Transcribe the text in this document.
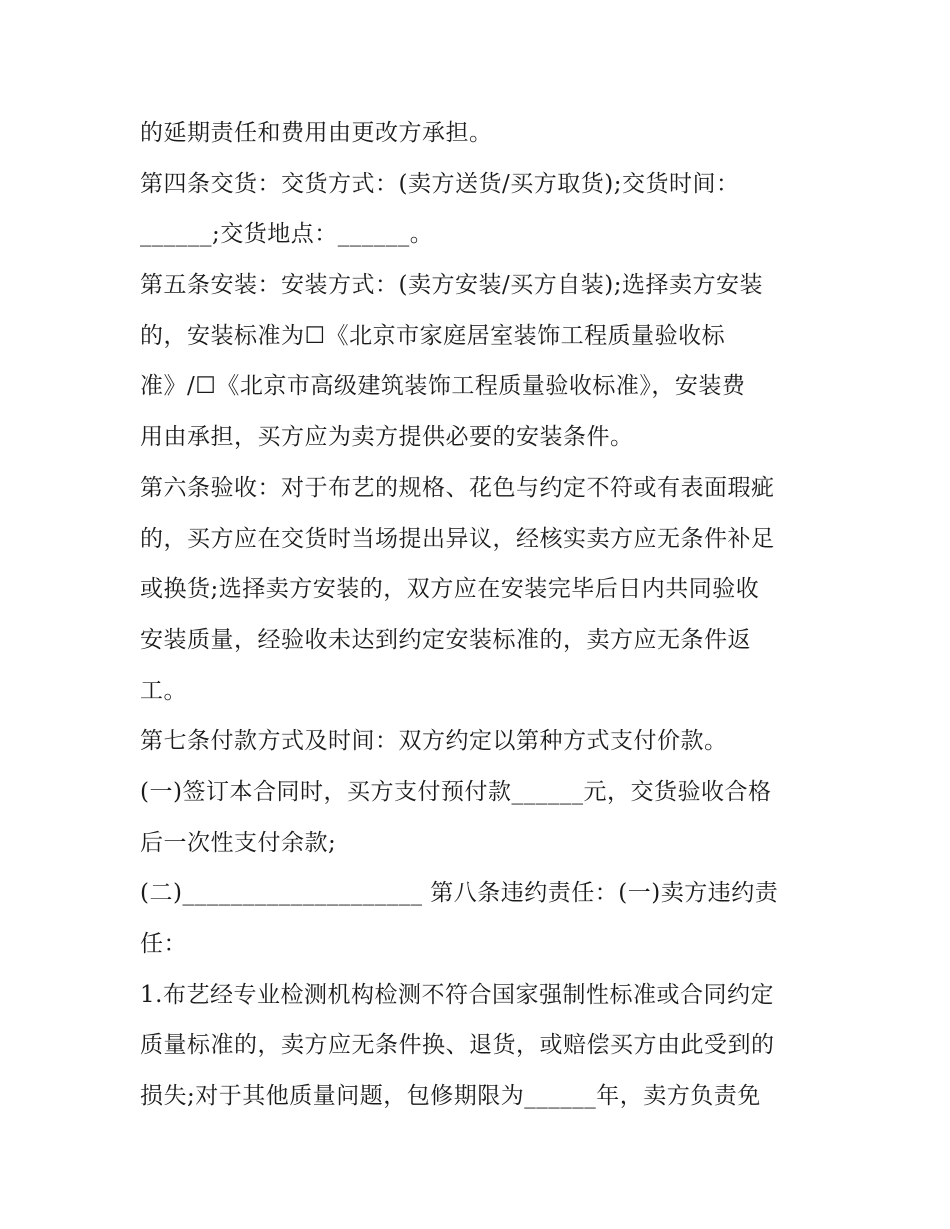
的延期责任和费用由更改方承担。

第四条交货：交货方式：(卖方送货/买方取货);交货时间：

______;交货地点：______。

第五条安装：安装方式：(卖方安装/买方自装);选择卖方安装

的，安装标准为☐《北京市家庭居室装饰工程质量验收标

准》/☐《北京市高级建筑装饰工程质量验收标准》，安装费

用由承担，买方应为卖方提供必要的安装条件。

第六条验收：对于布艺的规格、花色与约定不符或有表面瑕疵

的，买方应在交货时当场提出异议，经核实卖方应无条件补足

或换货;选择卖方安装的，双方应在安装完毕后日内共同验收

安装质量，经验收未达到约定安装标准的，卖方应无条件返

工。

第七条付款方式及时间：双方约定以第种方式支付价款。

(一)签订本合同时，买方支付预付款______元，交货验收合格

后一次性支付余款;

(二)____________________ 第八条违约责任：(一)卖方违约责

任：

1.布艺经专业检测机构检测不符合国家强制性标准或合同约定

质量标准的，卖方应无条件换、退货，或赔偿买方由此受到的

损失;对于其他质量问题，包修期限为______年，卖方负责免
